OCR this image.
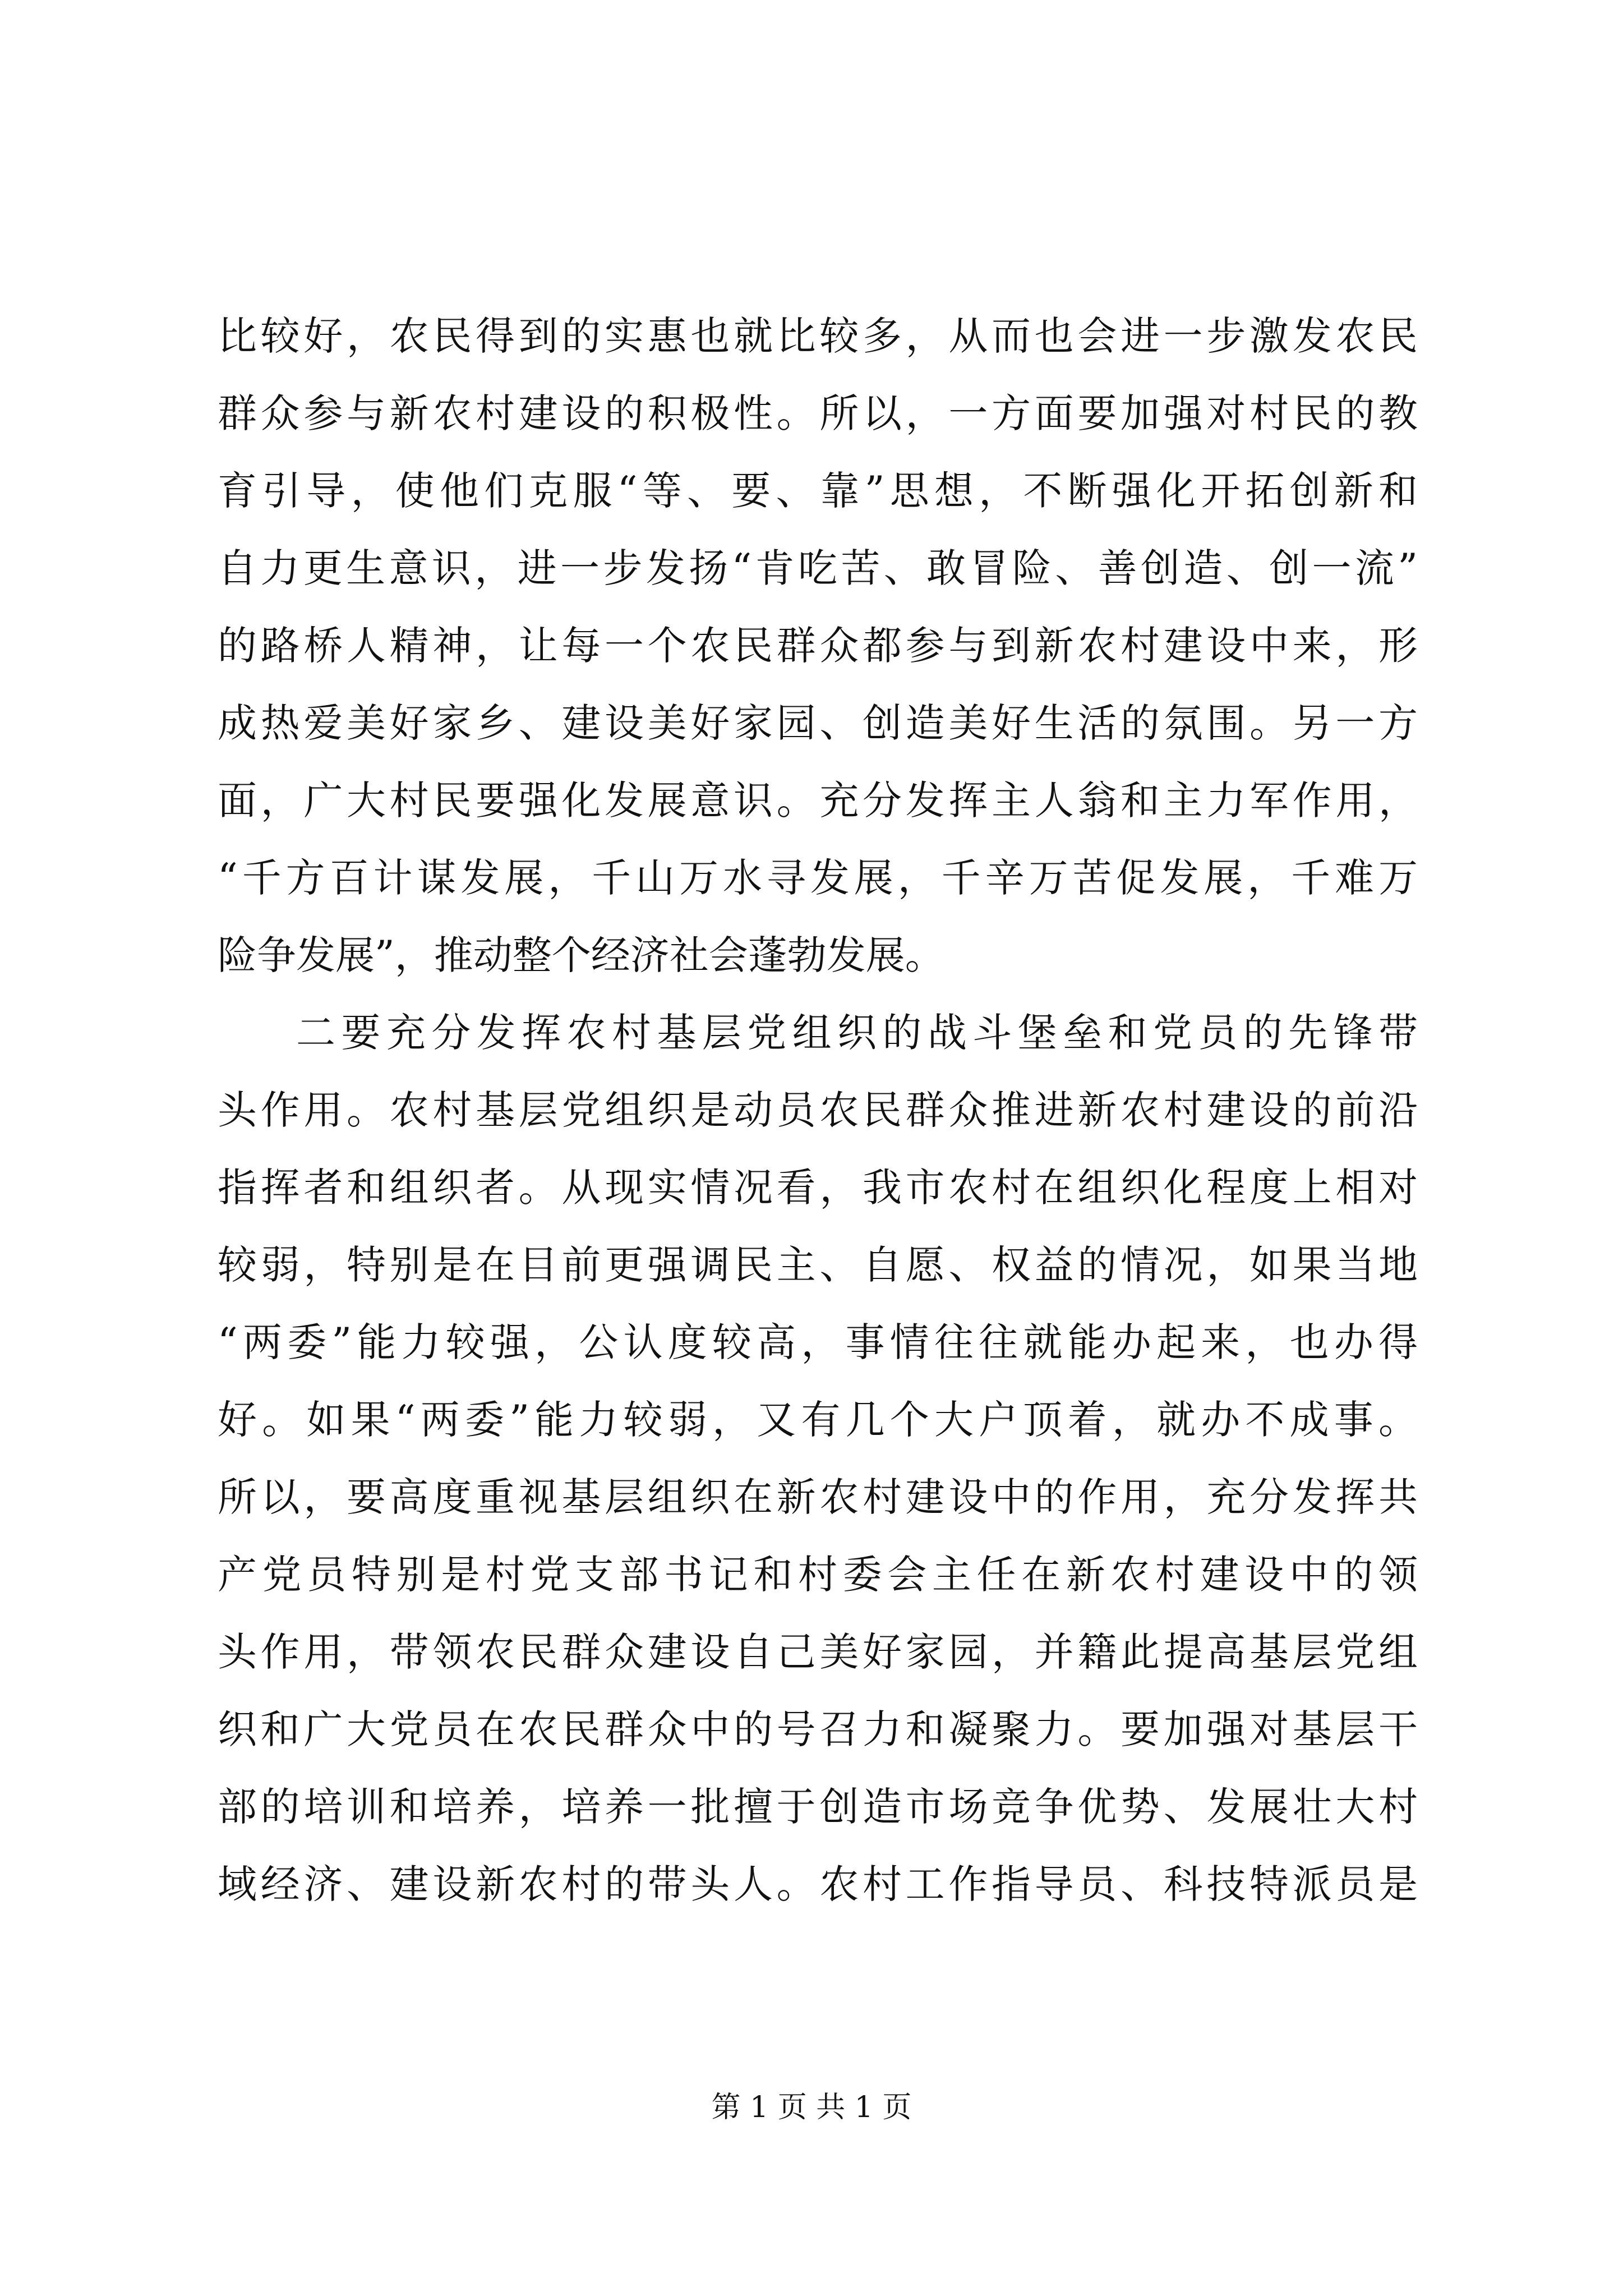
比较好，农民得到的实惠也就比较多，从而也会进一步激发农民
群众参与新农村建设的积极性。所以，一方面要加强对村民的教
育引导，使他们克服“等、要、靠”思想，不断强化开拓创新和
自力更生意识，进一步发扬“肯吃苦、敢冒险、善创造、创一流”
的路桥人精神，让每一个农民群众都参与到新农村建设中来，形
成热爱美好家乡、建设美好家园、创造美好生活的氛围。另一方
面，广大村民要强化发展意识。充分发挥主人翁和主力军作用，
“千方百计谋发展，千山万水寻发展，千辛万苦促发展，千难万
险争发展”，推动整个经济社会蓬勃发展。
二要充分发挥农村基层党组织的战斗堡垒和党员的先锋带
头作用。农村基层党组织是动员农民群众推进新农村建设的前沿
指挥者和组织者。从现实情况看，我市农村在组织化程度上相对
较弱，特别是在目前更强调民主、自愿、权益的情况，如果当地
“两委”能力较强，公认度较高，事情往往就能办起来，也办得
好。如果“两委”能力较弱，又有几个大户顶着，就办不成事。
所以，要高度重视基层组织在新农村建设中的作用，充分发挥共
产党员特别是村党支部书记和村委会主任在新农村建设中的领
头作用，带领农民群众建设自己美好家园，并籍此提高基层党组
织和广大党员在农民群众中的号召力和凝聚力。要加强对基层干
部的培训和培养，培养一批擅于创造市场竞争优势、发展壮大村
域经济、建设新农村的带头人。农村工作指导员、科技特派员是
第 1 页 共 1 页
